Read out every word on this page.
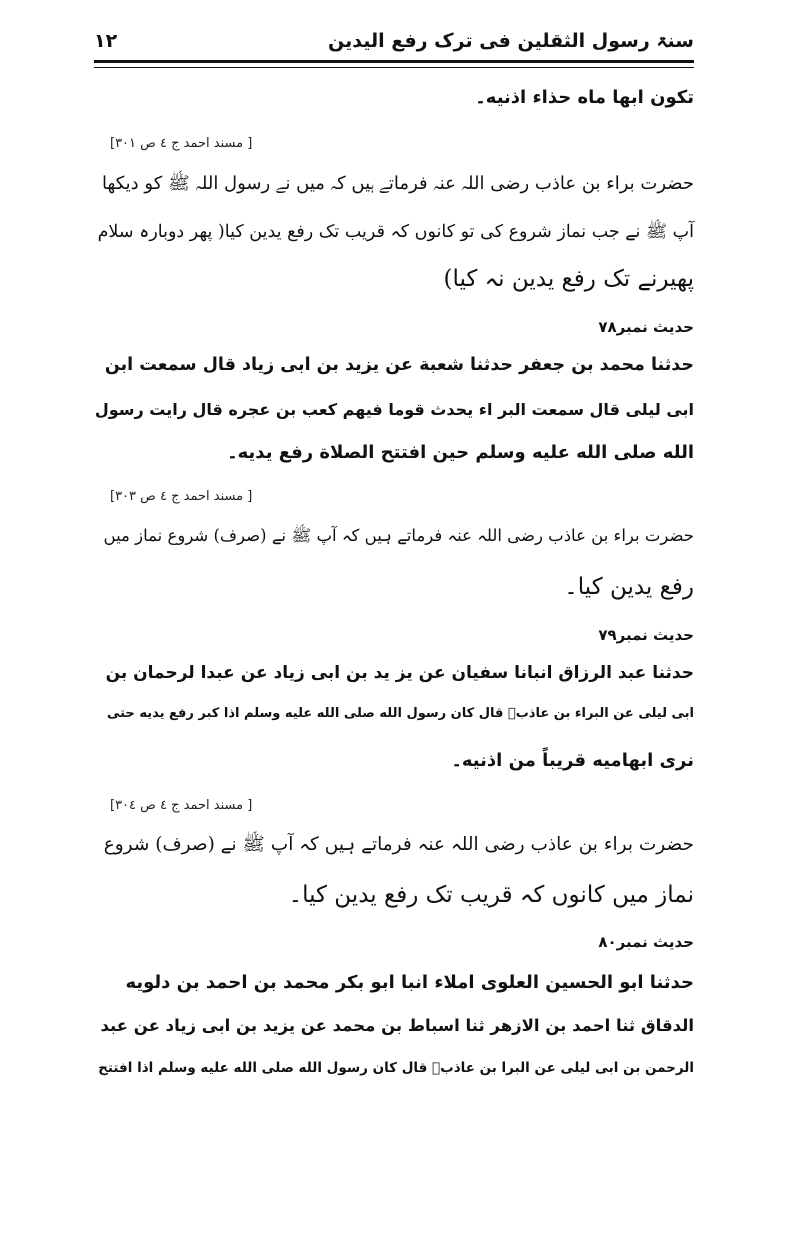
سنۃ رسول الثقلین فی ترک رفع الیدین
۱۲
تکون ابها ماه حذاء اذنیه۔
[ مسند احمد ج ٤ ص ٣٠١]
حضرت براء بن عاذب رضی اللہ عنہ فرماتے ہیں کہ میں نے رسول اللہ ﷺ کو دیکھا
آپ ﷺ نے جب نماز شروع کی تو کانوں کہ قریب تک رفع یدین کیا( پھر دوبارہ سلام
پھیرنے تک رفع یدین نہ کیا)
حدیث نمبر۷۸
حدثنا محمد بن جعفر حدثنا شعبة عن یزید بن ابی زیاد قال سمعت ابن
ابی لیلی قال سمعت البر اء یحدث قوما فیهم کعب بن عجره قال رایت رسول
الله صلی الله علیه وسلم حین افتتح الصلاة رفع یدیه۔
[ مسند احمد ج ٤ ص ٣٠٣]
حضرت براء بن عاذب رضی اللہ عنہ فرماتے ہیں کہ آپ ﷺ نے (صرف) شروع نماز میں
رفع یدین کیا۔
حدیث نمبر۷۹
حدثنا عبد الرزاق انبانا سفیان عن یز ید بن ابی زیاد عن عبدا لرحمان بن
ابی لیلی عن البراء بن عاذبؓ قال کان رسول الله صلی الله علیه وسلم اذا کبر رفع یدیه حتی
نری ابهامیه قریباً من اذنیه۔
[ مسند احمد ج ٤ ص ٣٠٤]
حضرت براء بن عاذب رضی اللہ عنہ فرماتے ہیں کہ آپ ﷺ نے (صرف) شروع
نماز میں کانوں کہ قریب تک رفع یدین کیا۔
حدیث نمبر۸۰
حدثنا ابو الحسین العلوی املاء انبا ابو بکر محمد بن احمد بن دلویه
الدقاق ثنا احمد بن الازهر ثنا اسباط بن محمد عن یزید بن ابی زیاد عن عبد
الرحمن بن ابی لیلی عن البرا بن عاذبؓ قال کان رسول الله صلی الله علیه وسلم اذا افتتح
